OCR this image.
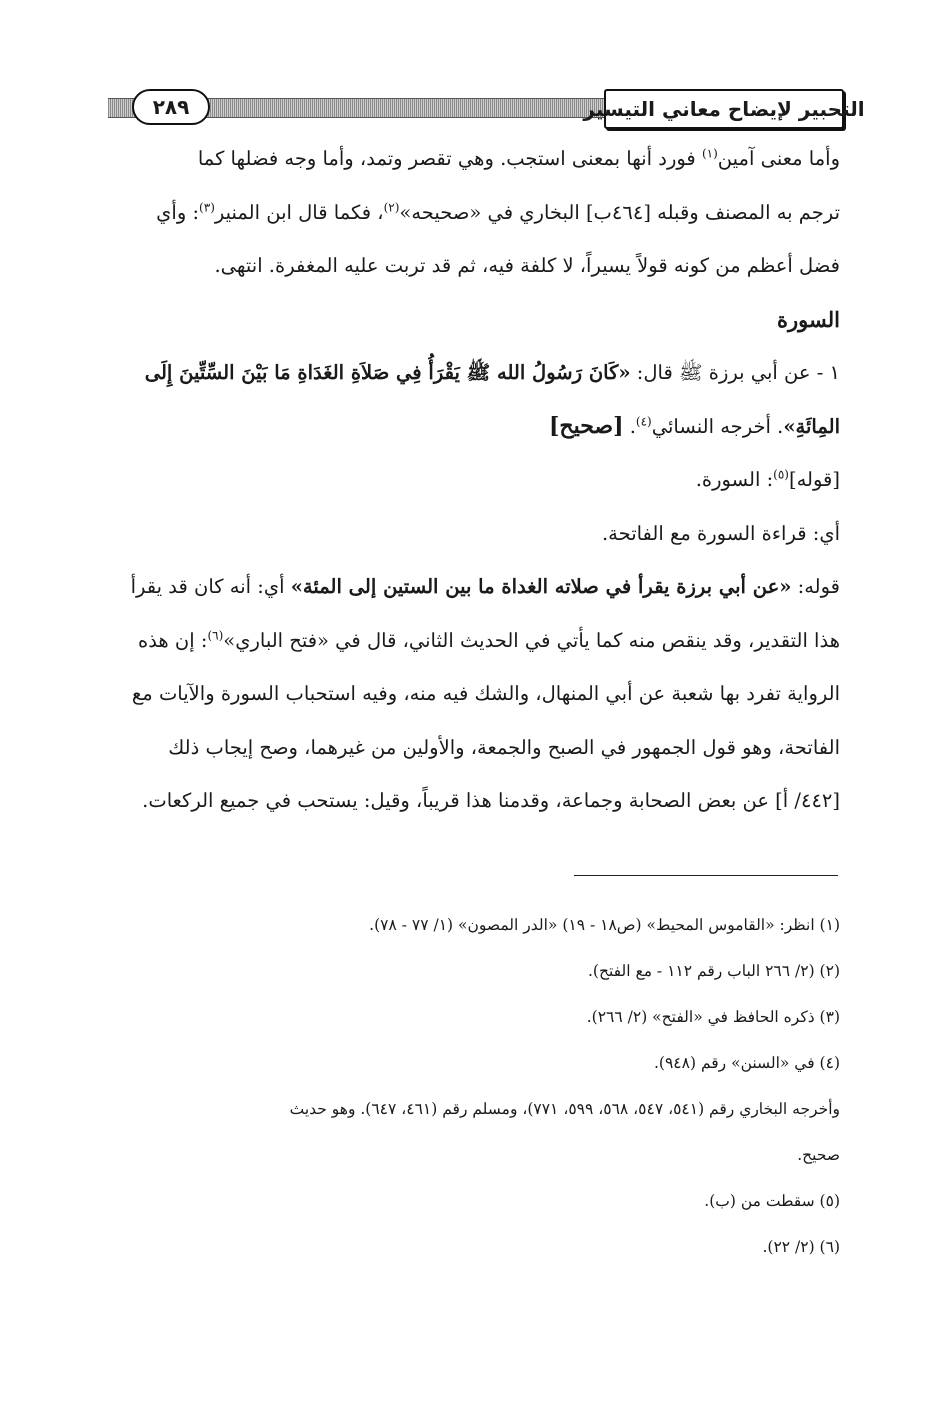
التحبير لإيضاح معاني التيسير
٢٨٩

وأما معنى آمين$^{(١)}$ فورد أنها بمعنى استجب. وهي تقصر وتمد، وأما وجه فضلها كما

ترجم به المصنف وقبله [٤٦٤ب] البخاري في «صحيحه»$^{(٢)}$، فكما قال ابن المنير$^{(٣)}$: وأي

فضل أعظم من كونه قولاً يسيراً، لا كلفة فيه، ثم قد تربت عليه المغفرة. انتهى.

السورة

١ - عن أبي برزة ﷺ قال: «كَانَ رَسُولُ الله ﷺ يَقْرَأُ فِي صَلاَةِ الغَدَاةِ مَا بَيْنَ السِّتِّينَ إِلَى

المِائَةِ». أخرجه النسائي$^{(٤)}$. [صحيح]

[قوله]$^{(٥)}$: السورة.

أي: قراءة السورة مع الفاتحة.

قوله: «عن أبي برزة يقرأ في صلاته الغداة ما بين الستين إلى المئة» أي: أنه كان قد يقرأ

هذا التقدير، وقد ينقص منه كما يأتي في الحديث الثاني، قال في «فتح الباري»$^{(٦)}$: إن هذه

الرواية تفرد بها شعبة عن أبي المنهال، والشك فيه منه، وفيه استحباب السورة والآيات مع

الفاتحة، وهو قول الجمهور في الصبح والجمعة، والأولين من غيرهما، وصح إيجاب ذلك

[٤٤٢/ أ] عن بعض الصحابة وجماعة، وقدمنا هذا قريباً، وقيل: يستحب في جميع الركعات.

(١) انظر: «القاموس المحيط» (ص١٨ - ١٩) «الدر المصون» (١/ ٧٧ - ٧٨).
(٢) (٢/ ٢٦٦ الباب رقم ١١٢ - مع الفتح).
(٣) ذكره الحافظ في «الفتح» (٢/ ٢٦٦).
(٤) في «السنن» رقم (٩٤٨).
وأخرجه البخاري رقم (٥٤١، ٥٤٧، ٥٦٨، ٥٩٩، ٧٧١)، ومسلم رقم (٤٦١، ٦٤٧). وهو حديث
صحيح.
(٥) سقطت من (ب).
(٦) (٢/ ٢٢).
